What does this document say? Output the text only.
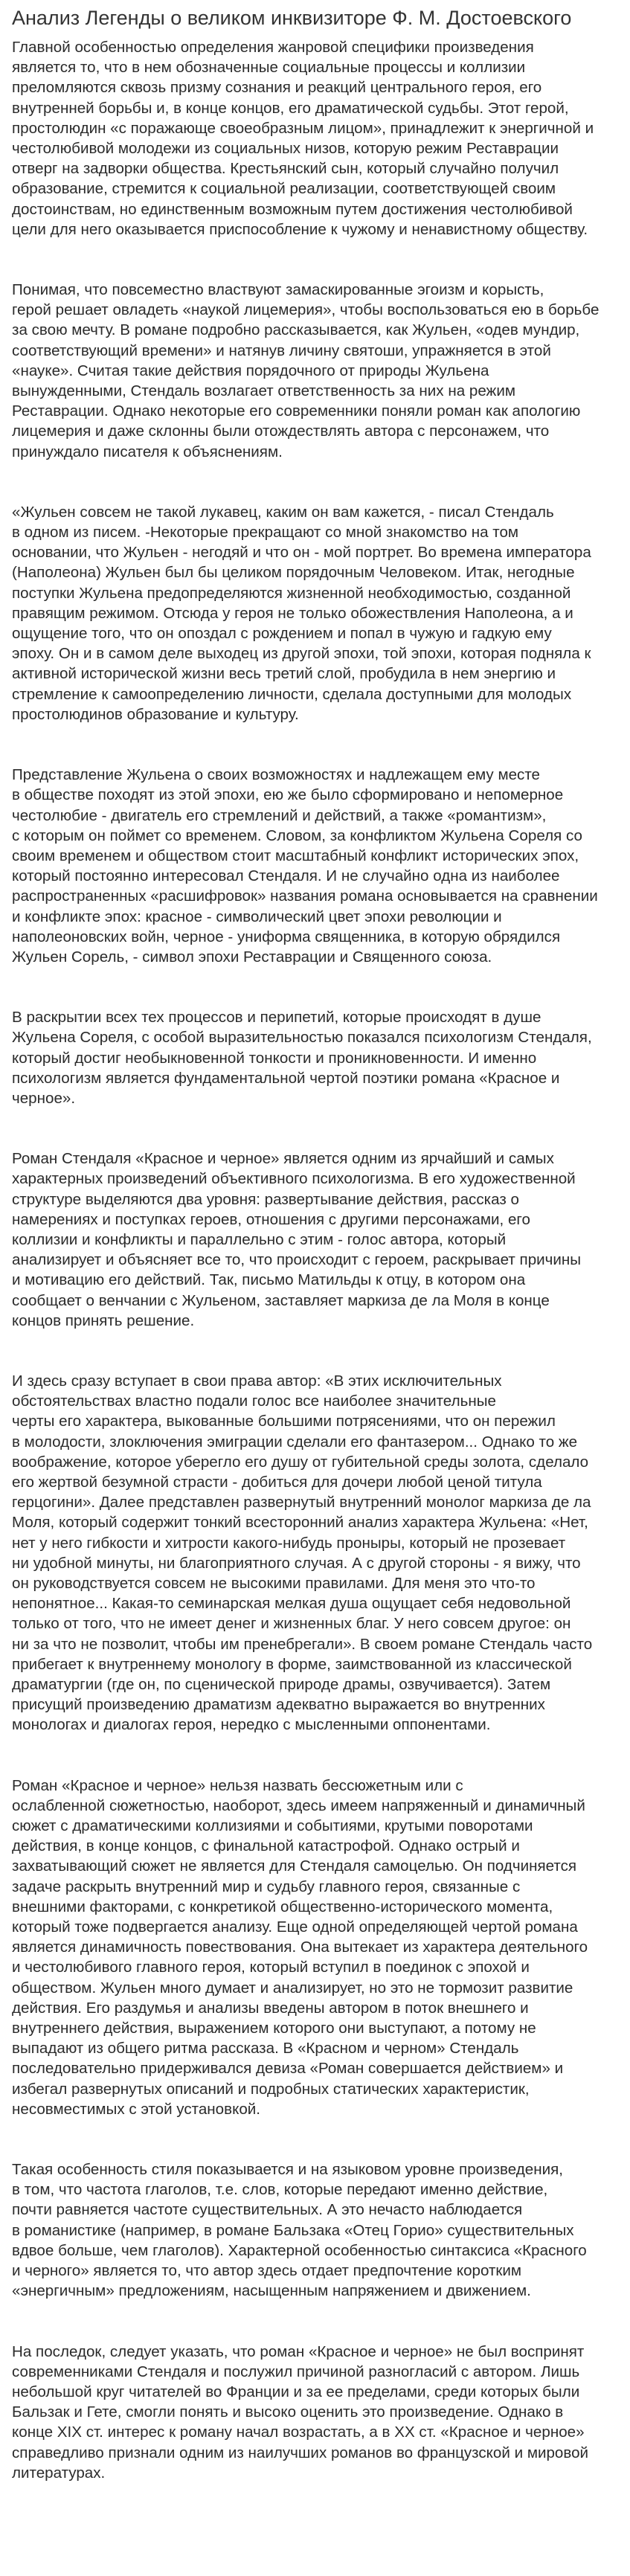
Анализ Легенды о великом инквизиторе Ф. М. Достоевского
Главной особенностью определения жанровой специфики произведения
является то, что в нем обозначенные социальные процессы и коллизии
преломляются сквозь призму сознания и реакций центрального героя, его
внутренней борьбы и, в конце концов, его драматической судьбы. Этот герой,
простолюдин «с поражающе своеобразным лицом», принадлежит к энергичной и
честолюбивой молодежи из социальных низов, которую режим Реставрации
отверг на задворки общества. Крестьянский сын, который случайно получил
образование, стремится к социальной реализации, соответствующей своим
достоинствам, но единственным возможным путем достижения честолюбивой
цели для него оказывается приспособление к чужому и ненавистному обществу.
Понимая, что повсеместно властвуют замаскированные эгоизм и корысть,
герой решает овладеть «наукой лицемерия», чтобы воспользоваться ею в борьбе
за свою мечту. В романе подробно рассказывается, как Жульен, «одев мундир,
соответствующий времени» и натянув личину святоши, упражняется в этой
«науке». Считая такие действия порядочного от природы Жульена
вынужденными, Стендаль возлагает ответственность за них на режим
Реставрации. Однако некоторые его современники поняли роман как апологию
лицемерия и даже склонны были отождествлять автора с персонажем, что
принуждало писателя к объяснениям.
«Жульен совсем не такой лукавец, каким он вам кажется, - писал Стендаль
в одном из писем. -Некоторые прекращают со мной знакомство на том
основании, что Жульен - негодяй и что он - мой портрет. Во времена императора
(Наполеона) Жульен был бы целиком порядочным Человеком. Итак, негодные
поступки Жульена предопределяются жизненной необходимостью, созданной
правящим режимом. Отсюда у героя не только обожествления Наполеона, а и
ощущение того, что он опоздал с рождением и попал в чужую и гадкую ему
эпоху. Он и в самом деле выходец из другой эпохи, той эпохи, которая подняла к
активной исторической жизни весь третий слой, пробудила в нем энергию и
стремление к самоопределению личности, сделала доступными для молодых
простолюдинов образование и культуру.
Представление Жульена о своих возможностях и надлежащем ему месте
в обществе походят из этой эпохи, ею же было сформировано и непомерное
честолюбие - двигатель его стремлений и действий, а также «романтизм»,
с которым он поймет со временем. Словом, за конфликтом Жульена Сореля со
своим временем и обществом стоит масштабный конфликт исторических эпох,
который постоянно интересовал Стендаля. И не случайно одна из наиболее
распространенных «расшифровок» названия романа основывается на сравнении
и конфликте эпох: красное - символический цвет эпохи революции и
наполеоновских войн, черное - униформа священника, в которую обрядился
Жульен Сорель, - символ эпохи Реставрации и Священного союза.
В раскрытии всех тех процессов и перипетий, которые происходят в душе
Жульена Сореля, с особой выразительностью показался психологизм Стендаля,
который достиг необыкновенной тонкости и проникновенности. И именно
психологизм является фундаментальной чертой поэтики романа «Красное и
черное».
Роман Стендаля «Красное и черное» является одним из ярчайший и самых
характерных произведений объективного психологизма. В его художественной
структуре выделяются два уровня: развертывание действия, рассказ о
намерениях и поступках героев, отношения с другими персонажами, его
коллизии и конфликты и параллельно с этим - голос автора, который
анализирует и объясняет все то, что происходит с героем, раскрывает причины
и мотивацию его действий. Так, письмо Матильды к отцу, в котором она
сообщает о венчании с Жульеном, заставляет маркиза де ла Моля в конце
концов принять решение.
И здесь сразу вступает в свои права автор: «В этих исключительных
обстоятельствах властно подали голос все наиболее значительные
черты его характера, выкованные большими потрясениями, что он пережил
в молодости, злоключения эмиграции сделали его фантазером... Однако то же
воображение, которое уберегло его душу от губительной среды золота, сделало
его жертвой безумной страсти - добиться для дочери любой ценой титула
герцогини». Далее представлен развернутый внутренний монолог маркиза де ла
Моля, который содержит тонкий всесторонний анализ характера Жульена: «Нет,
нет у него гибкости и хитрости какого-нибудь проныры, который не прозевает
ни удобной минуты, ни благоприятного случая. А с другой стороны - я вижу, что
он руководствуется совсем не высокими правилами. Для меня это что-то
непонятное... Какая-то семинарская мелкая душа ощущает себя недовольной
только от того, что не имеет денег и жизненных благ. У него совсем другое: он
ни за что не позволит, чтобы им пренебрегали». В своем романе Стендаль часто
прибегает к внутреннему монологу в форме, заимствованной из классической
драматургии (где он, по сценической природе драмы, озвучивается). Затем
присущий произведению драматизм адекватно выражается во внутренних
монологах и диалогах героя, нередко с мысленными оппонентами.
Роман «Красное и черное» нельзя назвать бессюжетным или с
ослабленной сюжетностью, наоборот, здесь имеем напряженный и динамичный
сюжет с драматическими коллизиями и событиями, крутыми поворотами
действия, в конце концов, с финальной катастрофой. Однако острый и
захватывающий сюжет не является для Стендаля самоцелью. Он подчиняется
задаче раскрыть внутренний мир и судьбу главного героя, связанные с
внешними факторами, с конкретикой общественно-исторического момента,
который тоже подвергается анализу. Еще одной определяющей чертой романа
является динамичность повествования. Она вытекает из характера деятельного
и честолюбивого главного героя, который вступил в поединок с эпохой и
обществом. Жульен много думает и анализирует, но это не тормозит развитие
действия. Его раздумья и анализы введены автором в поток внешнего и
внутреннего действия, выражением которого они выступают, а потому не
выпадают из общего ритма рассказа. В «Красном и черном» Стендаль
последовательно придерживался девиза «Роман совершается действием» и
избегал развернутых описаний и подробных статических характеристик,
несовместимых с этой установкой.
Такая особенность стиля показывается и на языковом уровне произведения,
в том, что частота глаголов, т.е. слов, которые передают именно действие,
почти равняется частоте существительных. А это нечасто наблюдается
в романистике (например, в романе Бальзака «Отец Горио» существительных
вдвое больше, чем глаголов). Характерной особенностью синтаксиса «Красного
и черного» является то, что автор здесь отдает предпочтение коротким
«энергичным» предложениям, насыщенным напряжением и движением.
На последок, следует указать, что роман «Красное и черное» не был воспринят
современниками Стендаля и послужил причиной разногласий с автором. Лишь
небольшой круг читателей во Франции и за ее пределами, среди которых были
Бальзак и Гете, смогли понять и высоко оценить это произведение. Однако в
конце XIX ст. интерес к роману начал возрастать, а в ХХ ст. «Красное и черное»
справедливо признали одним из наилучших романов во французской и мировой
литературах.
